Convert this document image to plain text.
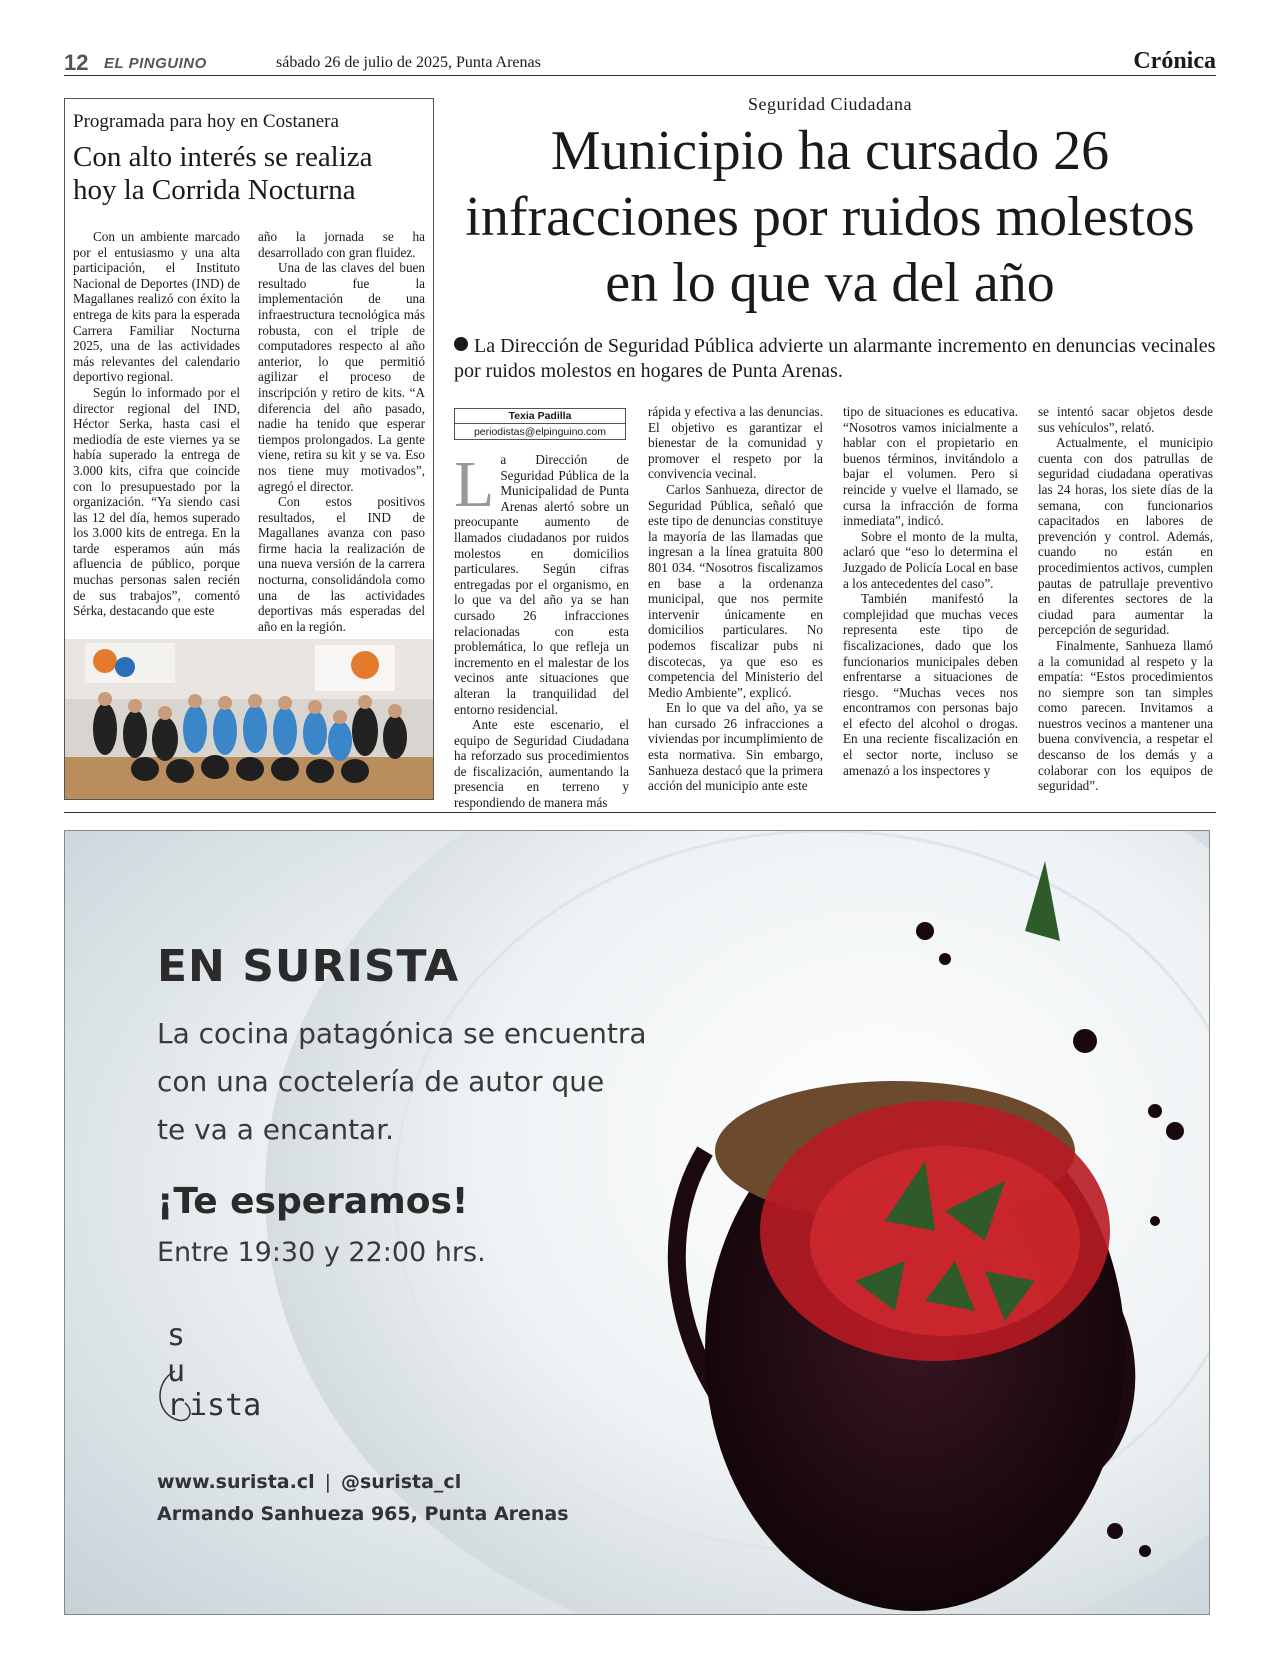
12 EL PINGUINO	sábado 26 de julio de 2025, Punta Arenas	Crónica
Programada para hoy en Costanera
Con alto interés se realiza hoy la Corrida Nocturna

Con un ambiente marcado por el entusiasmo y una alta participación, el Instituto Nacional de Deportes (IND) de Magallanes realizó con éxito la entrega de kits para la esperada Carrera Familiar Nocturna 2025, una de las actividades más relevantes del calendario deportivo regional.

Según lo informado por el director regional del IND, Héctor Serka, hasta casi el mediodía de este viernes ya se había superado la entrega de 3.000 kits, cifra que coincide con lo presupuestado por la organización. “Ya siendo casi las 12 del día, hemos superado los 3.000 kits de entrega. En la tarde esperamos aún más afluencia de público, porque muchas personas salen recién de sus trabajos”, comentó Sérka, destacando que este

año la jornada se ha desarrollado con gran fluidez.

Una de las claves del buen resultado fue la implementación de una infraestructura tecnológica más robusta, con el triple de computadores respecto al año anterior, lo que permitió agilizar el proceso de inscripción y retiro de kits. “A diferencia del año pasado, nadie ha tenido que esperar tiempos prolongados. La gente viene, retira su kit y se va. Eso nos tiene muy motivados”, agregó el director.

Con estos positivos resultados, el IND de Magallanes avanza con paso firme hacia la realización de una nueva versión de la carrera nocturna, consolidándola como una de las actividades deportivas más esperadas del año en la región.

Seguridad Ciudadana
Municipio ha cursado 26 infracciones por ruidos molestos en lo que va del año
La Dirección de Seguridad Pública advierte un alarmante incremento en denuncias vecinales por ruidos molestos en hogares de Punta Arenas.
Texia Padilla
periodistas@elpinguino.com
L a Dirección de Seguridad Pública de la Municipalidad de Punta Arenas alertó sobre un preocupante aumento de llamados ciudadanos por ruidos molestos en domicilios particulares. Según cifras entregadas por el organismo, en lo que va del año ya se han cursado 26 infracciones relacionadas con esta problemática, lo que refleja un incremento en el malestar de los vecinos ante situaciones que alteran la tranquilidad del entorno residencial.

Ante este escenario, el equipo de Seguridad Ciudadana ha reforzado sus procedimientos de fiscalización, aumentando la presencia en terreno y respondiendo de manera más

rápida y efectiva a las denuncias. El objetivo es garantizar el bienestar de la comunidad y promover el respeto por la convivencia vecinal.

Carlos Sanhueza, director de Seguridad Pública, señaló que este tipo de denuncias constituye la mayoría de las llamadas que ingresan a la línea gratuita 800 801 034. “Nosotros fiscalizamos en base a la ordenanza municipal, que nos permite intervenir únicamente en domicilios particulares. No podemos fiscalizar pubs ni discotecas, ya que eso es competencia del Ministerio del Medio Ambiente”, explicó.

En lo que va del año, ya se han cursado 26 infracciones a viviendas por incumplimiento de esta normativa. Sin embargo, Sanhueza destacó que la primera acción del municipio ante este

tipo de situaciones es educativa. “Nosotros vamos inicialmente a hablar con el propietario en buenos términos, invitándolo a bajar el volumen. Pero si reincide y vuelve el llamado, se cursa la infracción de forma inmediata”, indicó.

Sobre el monto de la multa, aclaró que “eso lo determina el Juzgado de Policía Local en base a los antecedentes del caso”.

También manifestó la complejidad que muchas veces representa este tipo de fiscalizaciones, dado que los funcionarios municipales deben enfrentarse a situaciones de riesgo. “Muchas veces nos encontramos con personas bajo el efecto del alcohol o drogas. En una reciente fiscalización en el sector norte, incluso se amenazó a los inspectores y

se intentó sacar objetos desde sus vehículos”, relató.

Actualmente, el municipio cuenta con dos patrullas de seguridad ciudadana operativas las 24 horas, los siete días de la semana, con funcionarios capacitados en labores de prevención y control. Además, cuando no están en procedimientos activos, cumplen pautas de patrullaje preventivo en diferentes sectores de la ciudad para aumentar la percepción de seguridad.

Finalmente, Sanhueza llamó a la comunidad al respeto y la empatía: “Estos procedimientos no siempre son tan simples como parecen. Invitamos a nuestros vecinos a mantener una buena convivencia, a respetar el descanso de los demás y a colaborar con los equipos de seguridad”.

EN SURISTA
La cocina patagónica se encuentra
con una coctelería de autor que
te va a encantar.
¡Te esperamos!
Entre 19:30 y 22:00 hrs.
s
u
r ista
www.surista.cl | @surista_cl
Armando Sanhueza 965, Punta Arenas
